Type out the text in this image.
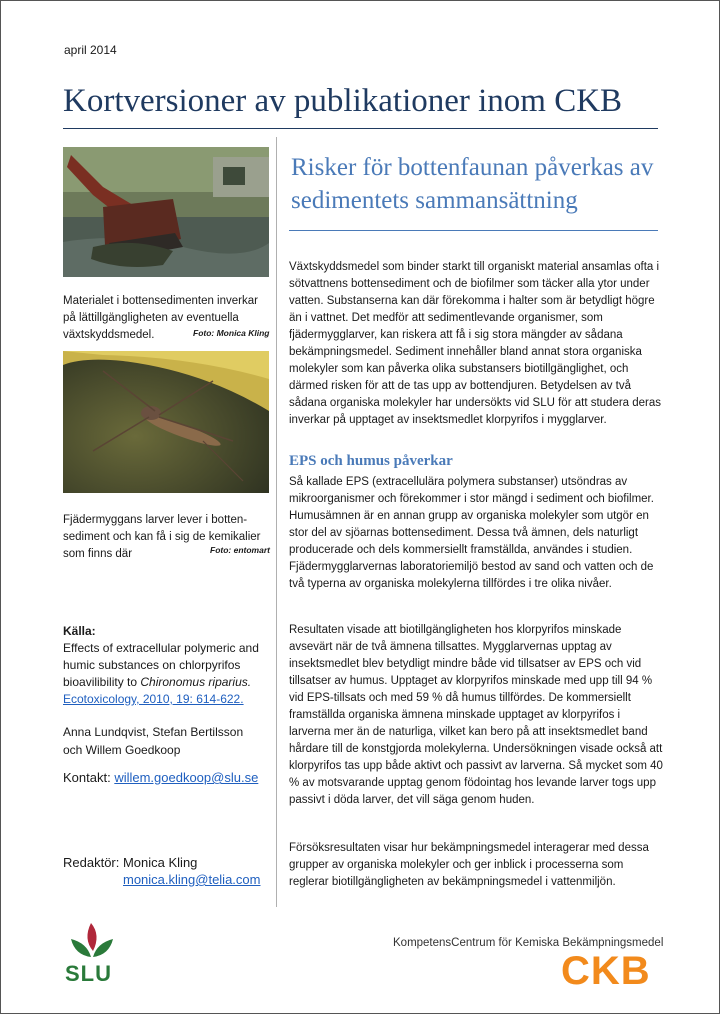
april 2014
Kortversioner av publikationer inom CKB
Materialet i bottensedimenten inverkar på lättillgängligheten av eventuella växtskyddsmedel.	Foto: Monica Kling
Fjädermyggans larver lever i botten-sediment och kan få i sig de kemikalier som finns där	Foto: entomart
Källa:
Effects of extracellular polymeric and humic substances on chlorpyrifos bioavilibility to Chironomus riparius.
Ecotoxicology, 2010, 19: 614-622.
Anna Lundqvist, Stefan Bertilsson
och Willem Goedkoop
Kontakt: willem.goedkoop@slu.se
Redaktör: Monica Kling
monica.kling@telia.com
Risker för bottenfaunan påverkas av sedimentets sammansättning

Växtskyddsmedel som binder starkt till organiskt material ansamlas ofta i sötvattnens bottensediment och de biofilmer som täcker alla ytor under vatten. Substanserna kan där förekomma i halter som är betydligt högre än i vattnet. Det medför att sedimentlevande organismer, som fjädermygglarver, kan riskera att få i sig stora mängder av sådana bekämpningsmedel. Sediment innehåller bland annat stora organiska molekyler som kan påverka olika substansers biotillgänglighet, och därmed risken för att de tas upp av bottendjuren. Betydelsen av två sådana organiska molekyler har undersökts vid SLU för att studera deras inverkar på upptaget av insektsmedlet klorpyrifos i mygglarver.

EPS och humus påverkar

Så kallade EPS (extracellulära polymera substanser) utsöndras av mikroorganismer och förekommer i stor mängd i sediment och biofilmer. Humusämnen är en annan grupp av organiska molekyler som utgör en stor del av sjöarnas bottensediment. Dessa två ämnen, dels naturligt producerade och dels kommersiellt framställda, användes i studien. Fjädermygglarvernas laboratoriemiljö bestod av sand och vatten och de två typerna av organiska molekylerna tillfördes i tre olika nivåer.

Resultaten visade att biotillgängligheten hos klorpyrifos minskade avsevärt när de två ämnena tillsattes. Mygglarvernas upptag av insektsmedlet blev betydligt mindre både vid tillsatser av EPS och vid tillsatser av humus. Upptaget av klorpyrifos minskade med upp till 94 % vid EPS-tillsats och med 59 % då humus tillfördes. De kommersiellt framställda organiska ämnena minskade upptaget av klorpyrifos i larverna mer än de naturliga, vilket kan bero på att insektsmedlet band hårdare till de konstgjorda molekylerna. Undersökningen visade också att klorpyrifos tas upp både aktivt och passivt av larverna. Så mycket som 40 % av motsvarande upptag genom födointag hos levande larver togs upp passivt i döda larver, det vill säga genom huden.

Försöksresultaten visar hur bekämpningsmedel interagerar med dessa grupper av organiska molekyler och ger inblick i processerna som reglerar biotillgängligheten av bekämpningsmedel i vattenmiljön.

SLU
KompetensCentrum för Kemiska Bekämpningsmedel
CKB
